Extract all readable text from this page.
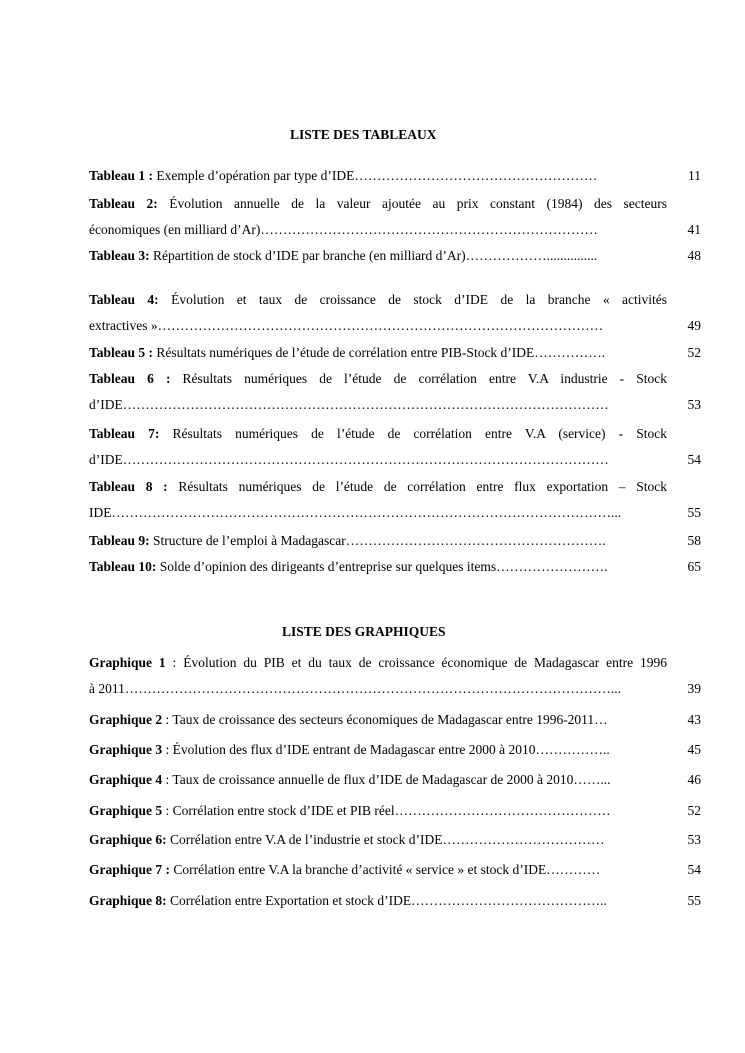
LISTE DES TABLEAUX
Tableau 1 : Exemple d’opération par type d’IDE………………………………………………	11
Tableau 2: Évolution annuelle de la valeur ajoutée au prix constant (1984) des secteurs
économiques (en milliard d’Ar)…………………………………………………………………	41
Tableau 3: Répartition de stock d’IDE par branche (en milliard d’Ar)………………...............	48
Tableau 4: Évolution et taux de croissance de stock d’IDE de la branche « activités
extractives »………………………………………………………………………………………	49
Tableau 5 : Résultats numériques de l’étude de corrélation entre PIB-Stock d’IDE…………….	52
Tableau 6 : Résultats numériques de l’étude de corrélation entre V.A industrie - Stock
d’IDE………………………………………………………………………………………………	53
Tableau 7: Résultats numériques de l’étude de corrélation entre V.A (service) - Stock
d’IDE………………………………………………………………………………………………	54
Tableau 8 : Résultats numériques de l’étude de corrélation entre flux exportation – Stock
IDE…………………………………………………………………………………………………...	55
Tableau 9: Structure de l’emploi à Madagascar………………………………………………….	58
Tableau 10: Solde d’opinion des dirigeants d’entreprise sur quelques items…………………….	65
LISTE DES GRAPHIQUES
Graphique 1 : Évolution du PIB et du taux de croissance économique de Madagascar entre 1996
à 2011………………………………………………………………………………………………...	39
Graphique 2 : Taux de croissance des secteurs économiques de Madagascar entre 1996-2011…	43
Graphique 3 : Évolution des flux d’IDE entrant de Madagascar entre 2000 à 2010……………..	45
Graphique 4 : Taux de croissance annuelle de flux d’IDE de Madagascar de 2000 à 2010……...	46
Graphique 5 : Corrélation entre stock d’IDE et PIB réel…………………………………………	52
Graphique 6: Corrélation entre V.A de l’industrie et stock d’IDE………………………………	53
Graphique 7 : Corrélation entre V.A la branche d’activité « service » et stock d’IDE…………	54
Graphique 8: Corrélation entre Exportation et stock d’IDE……………………………………..	55
